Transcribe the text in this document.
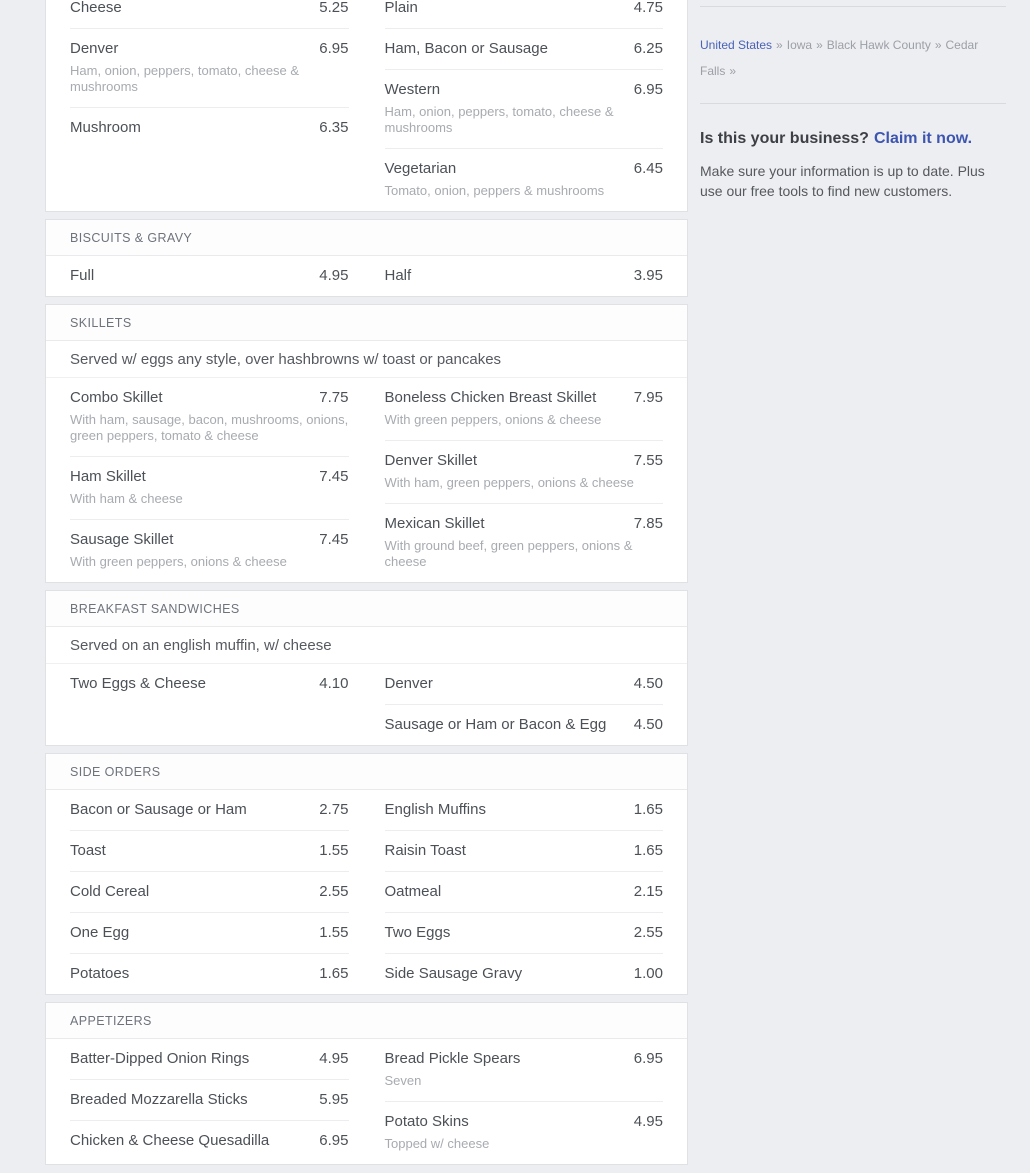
Cheese	5.25
Denver	6.95
Ham, onion, peppers, tomato, cheese & mushrooms
Mushroom	6.35
Plain	4.75
Ham, Bacon or Sausage	6.25
Western	6.95
Ham, onion, peppers, tomato, cheese & mushrooms
Vegetarian	6.45
Tomato, onion, peppers & mushrooms
BISCUITS & GRAVY
Full	4.95 Half	3.95
SKILLETS
Served w/ eggs any style, over hashbrowns w/ toast or pancakes
Combo Skillet	7.75
With ham, sausage, bacon, mushrooms, onions, green peppers, tomato & cheese
Ham Skillet	7.45
With ham & cheese
Sausage Skillet	7.45
With green peppers, onions & cheese
Boneless Chicken Breast Skillet	7.95
With green peppers, onions & cheese
Denver Skillet	7.55
With ham, green peppers, onions & cheese
Mexican Skillet	7.85
With ground beef, green peppers, onions & cheese
BREAKFAST SANDWICHES
Served on an english muffin, w/ cheese
Two Eggs & Cheese	4.10 Denver	4.50
Sausage or Ham or Bacon & Egg 4.50
SIDE ORDERS
Bacon or Sausage or Ham	2.75
Toast	1.55
Cold Cereal	2.55
One Egg	1.55
Potatoes	1.65
English Muffins	1.65
Raisin Toast	1.65
Oatmeal	2.15
Two Eggs	2.55
Side Sausage Gravy	1.00
APPETIZERS
Batter-Dipped Onion Rings	4.95
Breaded Mozzarella Sticks	5.95
Chicken & Cheese Quesadilla	6.95
Bread Pickle Spears	6.95
Seven
Potato Skins	4.95
Topped w/ cheese
United States » Iowa » Black Hawk County » Cedar Falls »
Is this your business? Claim it now.

Make sure your information is up to date. Plus use our free tools to find new customers.
